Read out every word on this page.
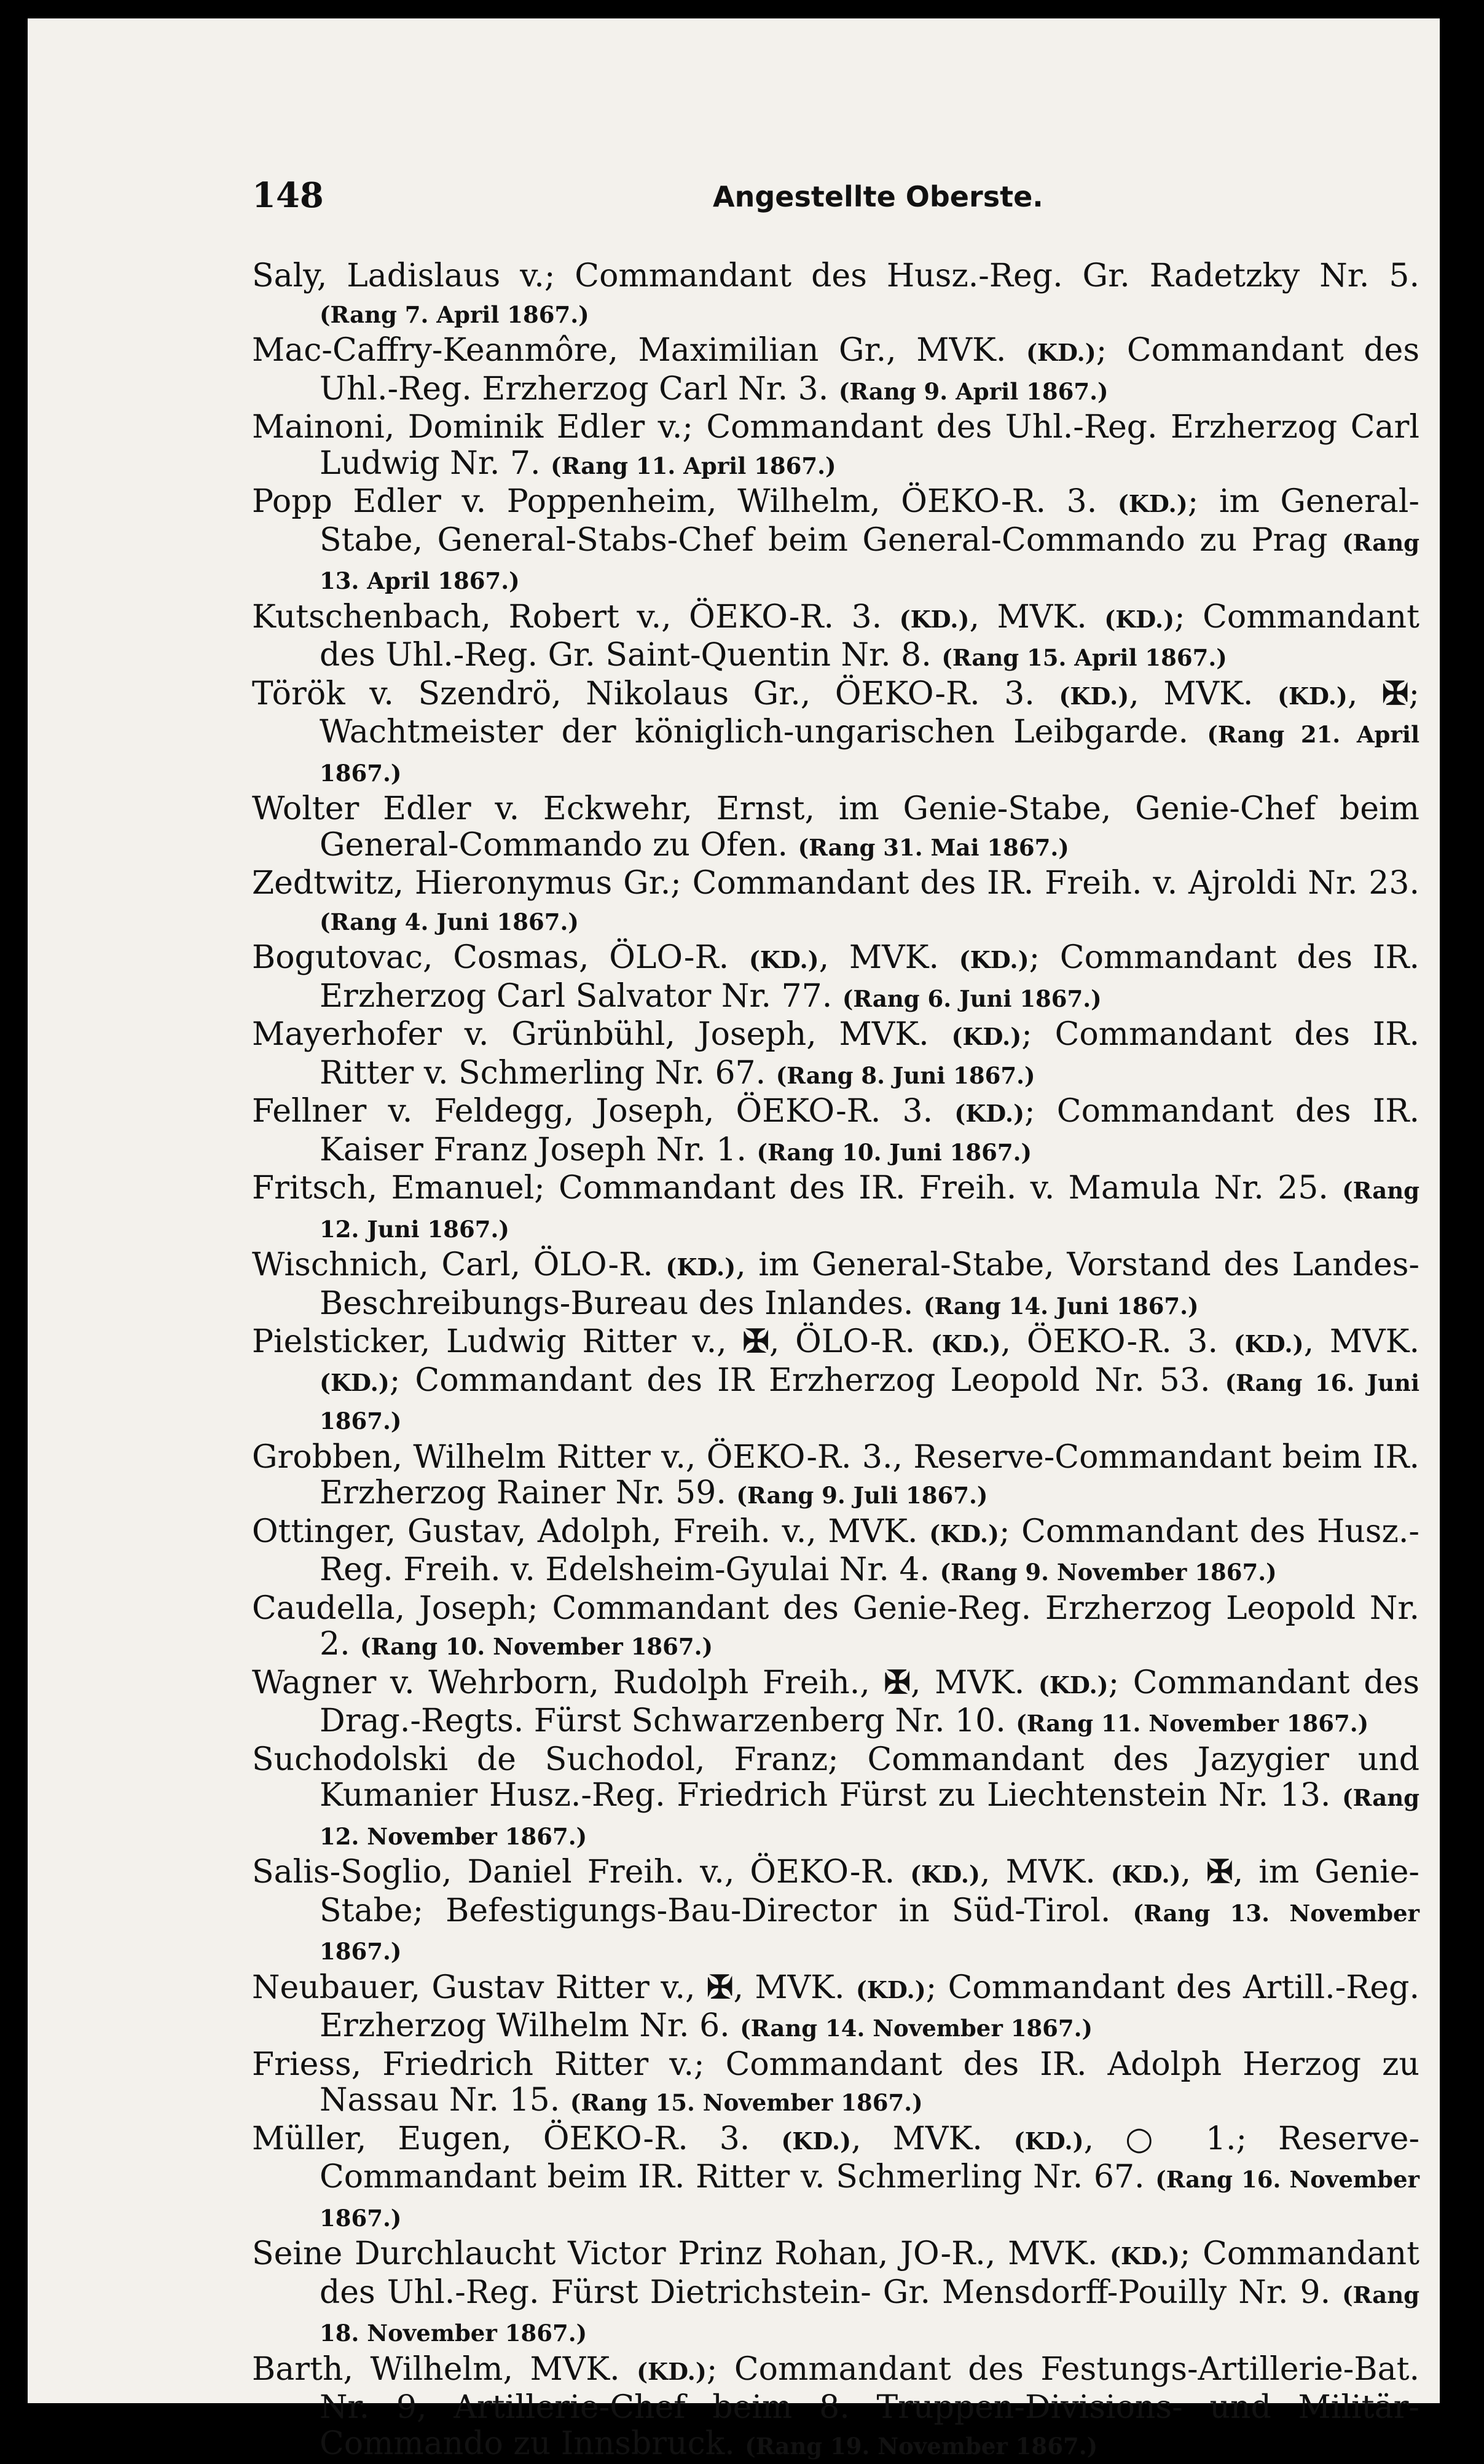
148	Angestellte Oberste.

Saly, Ladislaus v.; Commandant des Husz.-Reg. Gr. Radetzky Nr. 5. (Rang 7. April 1867.)

Mac-Caffry-Keanmôre, Maximilian Gr., MVK. (KD.); Commandant des Uhl.-Reg. Erzherzog Carl Nr. 3. (Rang 9. April 1867.)

Mainoni, Dominik Edler v.; Commandant des Uhl.-Reg. Erzherzog Carl Ludwig Nr. 7. (Rang 11. April 1867.)

Popp Edler v. Poppenheim, Wilhelm, ÖEKO-R. 3. (KD.); im General-Stabe, General-Stabs-Chef beim General-Commando zu Prag (Rang 13. April 1867.)

Kutschenbach, Robert v., ÖEKO-R. 3. (KD.), MVK. (KD.); Commandant des Uhl.-Reg. Gr. Saint-Quentin Nr. 8. (Rang 15. April 1867.)

Török v. Szendrö, Nikolaus Gr., ÖEKO-R. 3. (KD.), MVK. (KD.), ✠; Wachtmeister der königlich-ungarischen Leibgarde. (Rang 21. April 1867.)

Wolter Edler v. Eckwehr, Ernst, im Genie-Stabe, Genie-Chef beim General-Commando zu Ofen. (Rang 31. Mai 1867.)

Zedtwitz, Hieronymus Gr.; Commandant des IR. Freih. v. Ajroldi Nr. 23. (Rang 4. Juni 1867.)

Bogutovac, Cosmas, ÖLO-R. (KD.), MVK. (KD.); Commandant des IR. Erzherzog Carl Salvator Nr. 77. (Rang 6. Juni 1867.)

Mayerhofer v. Grünbühl, Joseph, MVK. (KD.); Commandant des IR. Ritter v. Schmerling Nr. 67. (Rang 8. Juni 1867.)

Fellner v. Feldegg, Joseph, ÖEKO-R. 3. (KD.); Commandant des IR. Kaiser Franz Joseph Nr. 1. (Rang 10. Juni 1867.)

Fritsch, Emanuel; Commandant des IR. Freih. v. Mamula Nr. 25. (Rang 12. Juni 1867.)

Wischnich, Carl, ÖLO-R. (KD.), im General-Stabe, Vorstand des Landes-Beschreibungs-Bureau des Inlandes. (Rang 14. Juni 1867.)

Pielsticker, Ludwig Ritter v., ✠, ÖLO-R. (KD.), ÖEKO-R. 3. (KD.), MVK. (KD.); Commandant des IR Erzherzog Leopold Nr. 53. (Rang 16. Juni 1867.)

Grobben, Wilhelm Ritter v., ÖEKO-R. 3., Reserve-Commandant beim IR. Erzherzog Rainer Nr. 59. (Rang 9. Juli 1867.)

Ottinger, Gustav, Adolph, Freih. v., MVK. (KD.); Commandant des Husz.-Reg. Freih. v. Edelsheim-Gyulai Nr. 4. (Rang 9. November 1867.)

Caudella, Joseph; Commandant des Genie-Reg. Erzherzog Leopold Nr. 2. (Rang 10. November 1867.)

Wagner v. Wehrborn, Rudolph Freih., ✠, MVK. (KD.); Commandant des Drag.-Regts. Fürst Schwarzenberg Nr. 10. (Rang 11. November 1867.)

Suchodolski de Suchodol, Franz; Commandant des Jazygier und Kumanier Husz.-Reg. Friedrich Fürst zu Liechtenstein Nr. 13. (Rang 12. November 1867.)

Salis-Soglio, Daniel Freih. v., ÖEKO-R. (KD.), MVK. (KD.), ✠, im Genie-Stabe; Befestigungs-Bau-Director in Süd-Tirol. (Rang 13. November 1867.)

Neubauer, Gustav Ritter v., ✠, MVK. (KD.); Commandant des Artill.-Reg. Erzherzog Wilhelm Nr. 6. (Rang 14. November 1867.)

Friess, Friedrich Ritter v.; Commandant des IR. Adolph Herzog zu Nassau Nr. 15. (Rang 15. November 1867.)

Müller, Eugen, ÖEKO-R. 3. (KD.), MVK. (KD.), ○ 1.; Reserve-Commandant beim IR. Ritter v. Schmerling Nr. 67. (Rang 16. November 1867.)

Seine Durchlaucht Victor Prinz Rohan, JO-R., MVK. (KD.); Commandant des Uhl.-Reg. Fürst Dietrichstein- Gr. Mensdorff-Pouilly Nr. 9. (Rang 18. November 1867.)

Barth, Wilhelm, MVK. (KD.); Commandant des Festungs-Artillerie-Bat. Nr. 9, Artillerie-Chef beim 8. Truppen-Divisions- und Militär-Commando zu Innsbruck. (Rang 19. November 1867.)
